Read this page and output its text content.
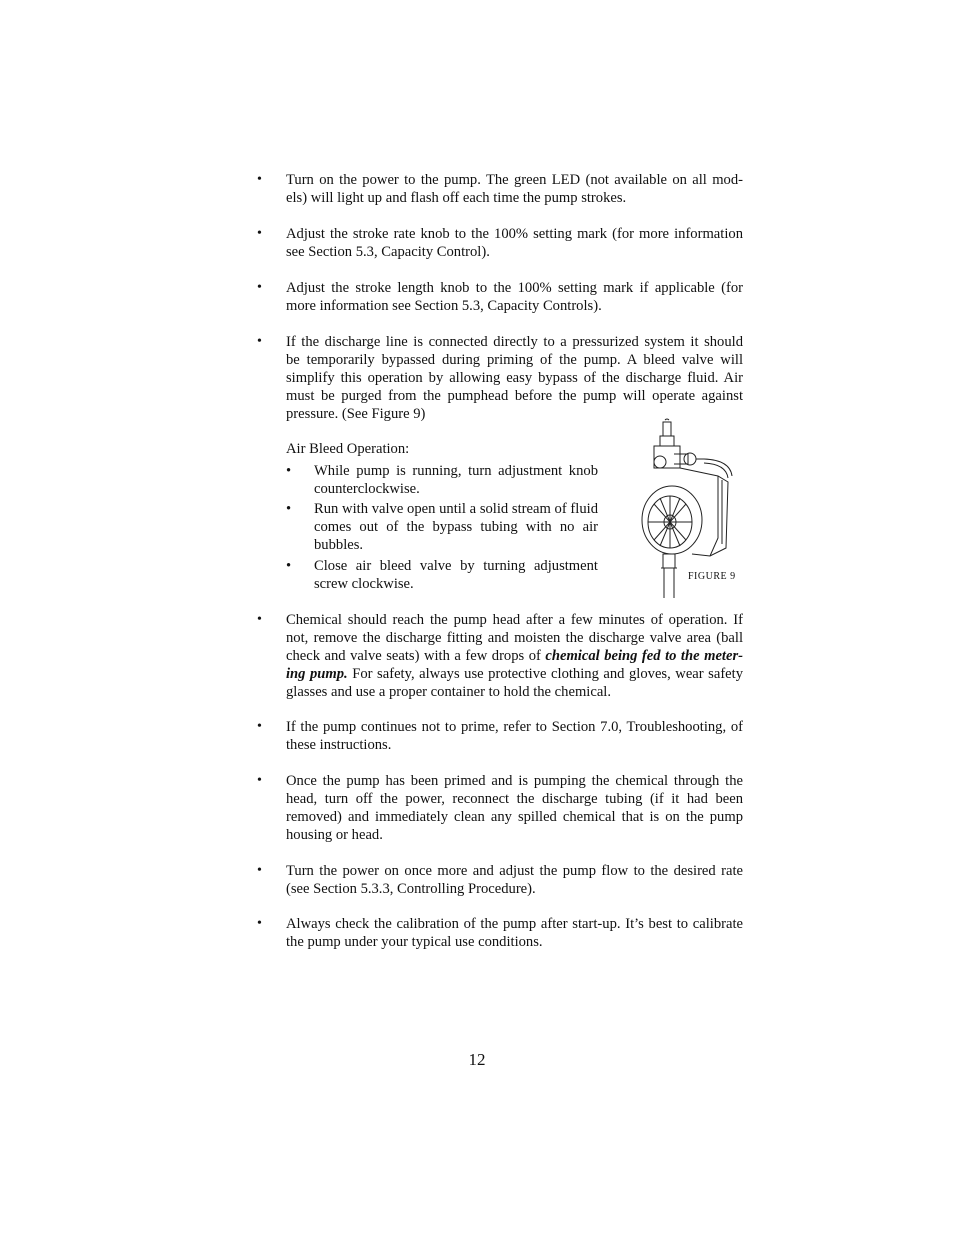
• Turn on the power to the pump. The green LED (not available on all mod-
els) will light up and flash off each time the pump strokes.
• Adjust the stroke rate knob to the 100% setting mark (for more information
see Section 5.3, Capacity Control).
• Adjust the stroke length knob to the 100% setting mark if applicable (for
more information see Section 5.3, Capacity Controls).
• If the discharge line is connected directly to a pressurized system it should
be temporarily bypassed during priming of the pump. A bleed valve will
simplify this operation by allowing easy bypass of the discharge fluid. Air
must be purged from the pumphead before the pump will operate against
pressure. (See Figure 9)
Air Bleed Operation:
• While pump is running, turn adjustment knob
counterclockwise.
• Run with valve open until a solid stream of fluid
comes out of the bypass tubing with no air
bubbles.
• Close air bleed valve by turning adjustment
screw clockwise.	FIGURE 9
• Chemical should reach the pump head after a few minutes of operation. If
not, remove the discharge fitting and moisten the discharge valve area (ball
check and valve seats) with a few drops of chemical being fed to the meter-
ing pump. For safety, always use protective clothing and gloves, wear safety
glasses and use a proper container to hold the chemical.
• If the pump continues not to prime, refer to Section 7.0, Troubleshooting, of
these instructions.
• Once the pump has been primed and is pumping the chemical through the
head, turn off the power, reconnect the discharge tubing (if it had been
removed) and immediately clean any spilled chemical that is on the pump
housing or head.
• Turn the power on once more and adjust the pump flow to the desired rate
(see Section 5.3.3, Controlling Procedure).
• Always check the calibration of the pump after start-up. It’s best to calibrate
the pump under your typical use conditions.
12
